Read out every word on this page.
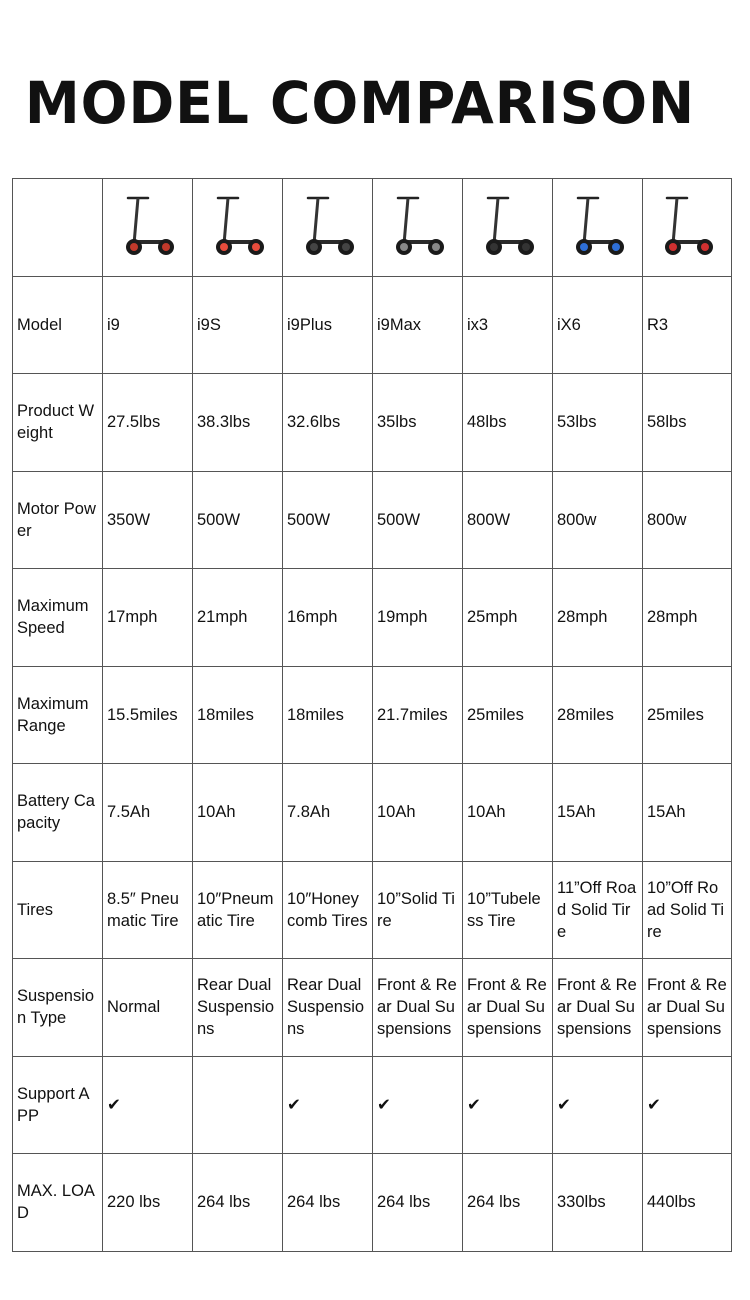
MODEL COMPARISON

Model	i9	i9S	i9Plus	i9Max	ix3	iX6	R3
Product Weight	27.5lbs	38.3lbs	32.6lbs	35lbs	48lbs	53lbs	58lbs
Motor Power	350W	500W	500W	500W	800W	800w	800w
Maximum Speed	17mph	21mph	16mph	19mph	25mph	28mph	28mph
Maximum Range	15.5miles	18miles	18miles	21.7miles	25miles	28miles	25miles
Battery Capacity	7.5Ah	10Ah	7.8Ah	10Ah	10Ah	15Ah	15Ah
Tires	8.5″ Pneumatic Tire	10″Pneumatic Tire	10″Honey comb Tires	10”Solid Tire	10”Tubeless Tire	11”Off Road Solid Tire	10”Off Road Solid Tire
Suspension Type	Normal	Rear Dual Suspensions	Rear Dual Suspensions	Front & Rear Dual Suspensions	Front & Rear Dual Suspensions	Front & Rear Dual Suspensions	Front & Rear Dual Suspensions
Support APP	✔		✔	✔	✔	✔	✔
MAX. LOAD	220 lbs	264 lbs	264 lbs	264 lbs	264 lbs	330lbs	440lbs
